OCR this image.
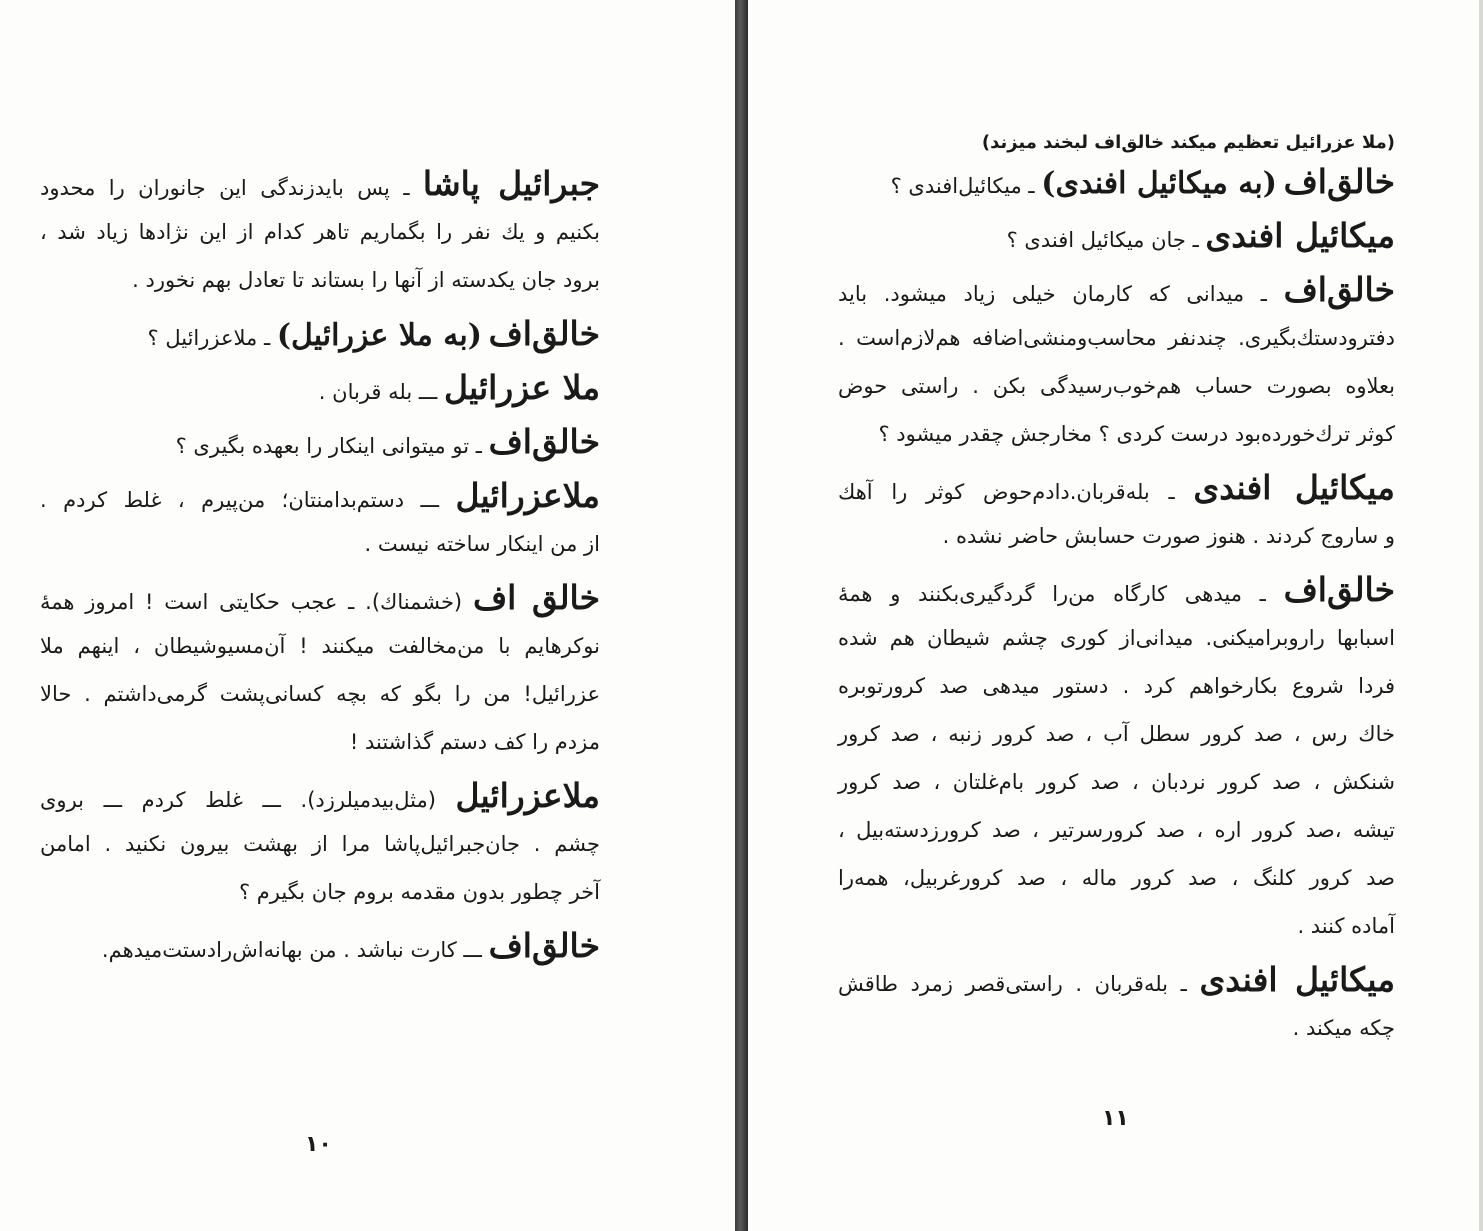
جبرائیل پاشا ـ پس بایدزندگی این جانوران را محدود
بکنیم و یك نفر را بگماریم تاهر کدام از این نژادها زیاد شد ،
برود جان یکدسته از آنها را بستاند تا تعادل بهم نخورد .
خالق‌اف (به ملا عزرائیل) ـ ملاعزرائیل ؟
ملا عزرائیل ـــ بله قربان .
خالق‌اف ـ تو میتوانی اینکار را بعهده بگیری ؟
ملاعزرائیل ـــ دستم‌بدامنتان؛ من‌پیرم ، غلط کردم .
از من اینکار ساخته نیست .
خالق اف (خشمناك). ـ عجب حکایتی است ! امروز همهٔ
نوکرهایم با من‌مخالفت میکنند ! آن‌مسیوشیطان ، اینهم ملا
عزرائیل! من را بگو که بچه کسانی‌پشت گرمی‌داشتم . حالا
مزدم را کف دستم گذاشتند !
ملاعزرائیل (مثل‌بیدمیلرزد). ـــ غلط کردم ـــ بروی
چشم . جان‌جبرائیل‌پاشا مرا از بهشت بیرون نکنید . امامن
آخر چطور بدون مقدمه بروم جان بگیرم ؟
خالق‌اف ـــ کارت نباشد . من بهانه‌اش‌را‌دستت‌میدهم.
۱۰
(ملا عزرائیل تعظیم میکند خالق‌اف لبخند میزند)
خالق‌اف (به میکائیل افندی) ـ میکائیل‌افندی ؟
میکائیل افندی ـ جان میکائیل افندی ؟
خالق‌اف ـ میدانی که کارمان خیلی زیاد میشود. باید
دفترودستك‌بگیری. چندنفر محاسب‌ومنشی‌اضافه هم‌لازم‌است .
بعلاوه بصورت حساب هم‌خوب‌رسیدگی بکن . راستی حوض
کوثر ترك‌خورده‌بود درست کردی ؟ مخارجش چقدر میشود ؟
میکائیل افندی ـ بله‌قربان.دادم‌حوض کوثر را آهك
و ساروج کردند . هنوز صورت حسابش حاضر نشده .
خالق‌اف ـ میدهی کارگاه من‌را گردگیری‌بکنند و همهٔ
اسبابها را‌روبرا‌میکنی. میدانی‌از کوری چشم شیطان هم شده
فردا شروع بکارخواهم کرد . دستور میدهی صد کرورتوبره
خاك رس ، صد کرور سطل آب ، صد کرور زنبه ، صد کرور
شنکش ، صد کرور نردبان ، صد کرور بام‌غلتان ، صد کرور
تیشه ،صد کرور اره ، صد کرورسرتیر ، صد کرورزدسته‌بیل ،
صد کرور کلنگ ، صد کرور ماله ، صد کرورغربیل، همه‌را
آماده کنند .
میکائیل افندی ـ بله‌قربان . راستی‌قصر زمرد طاقش
چکه میکند .
۱۱
